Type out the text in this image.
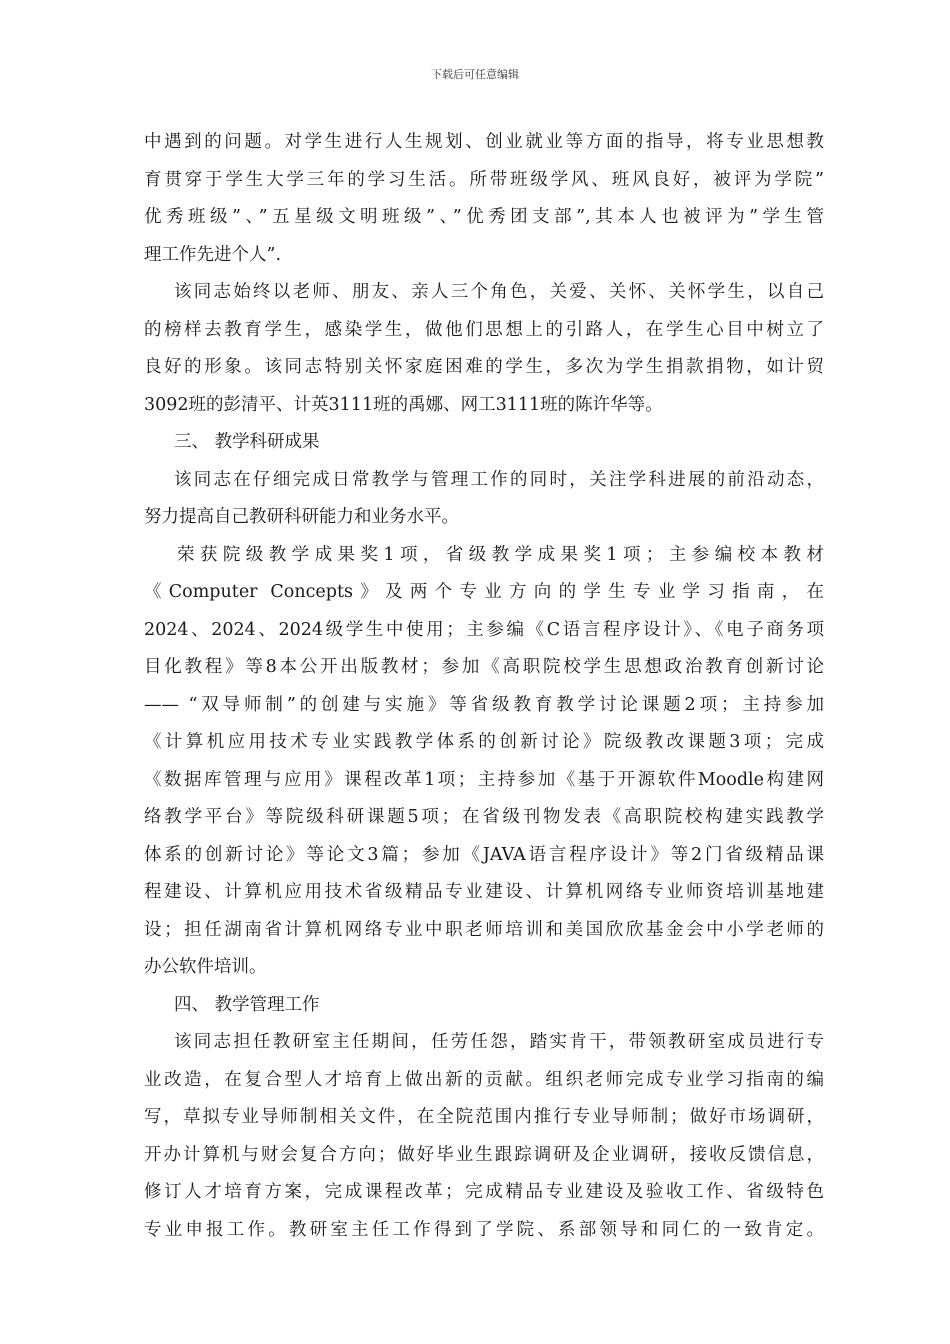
下载后可任意编辑
中遇到的问题。对学生进行人生规划、创业就业等方面的指导，将专业思想教
育贯穿于学生大学三年的学习生活。所带班级学风、班风良好，被评为学院”
优秀班级”、”五星级文明班级”、”优秀团支部”,其本人也被评为”学生管
理工作先进个人”.
该同志始终以老师、朋友、亲人三个角色，关爱、关怀、关怀学生，以自己
的榜样去教育学生，感染学生，做他们思想上的引路人，在学生心目中树立了
良好的形象。该同志特别关怀家庭困难的学生，多次为学生捐款捐物，如计贸
3092班的彭清平、计英3111班的禹娜、网工3111班的陈许华等。
三、 教学科研成果
该同志在仔细完成日常教学与管理工作的同时，关注学科进展的前沿动态，
努力提高自己教研科研能力和业务水平。
荣获院级教学成果奖1项，省级教学成果奖1项；主参编校本教材
《Computer Concepts》及两个专业方向的学生专业学习指南，在
2024、2024、2024级学生中使用；主参编《C语言程序设计》、《电子商务项
目化教程》等8本公开出版教材；参加《高职院校学生思想政治教育创新讨论
—— “双导师制”的创建与实施》等省级教育教学讨论课题2项；主持参加
《计算机应用技术专业实践教学体系的创新讨论》院级教改课题3项；完成
《数据库管理与应用》课程改革1项；主持参加《基于开源软件Moodle构建网
络教学平台》等院级科研课题5项；在省级刊物发表《高职院校构建实践教学
体系的创新讨论》等论文3篇；参加《JAVA语言程序设计》等2门省级精品课
程建设、计算机应用技术省级精品专业建设、计算机网络专业师资培训基地建
设；担任湖南省计算机网络专业中职老师培训和美国欣欣基金会中小学老师的
办公软件培训。
四、 教学管理工作
该同志担任教研室主任期间，任劳任怨，踏实肯干，带领教研室成员进行专
业改造，在复合型人才培育上做出新的贡献。组织老师完成专业学习指南的编
写，草拟专业导师制相关文件，在全院范围内推行专业导师制；做好市场调研，
开办计算机与财会复合方向；做好毕业生跟踪调研及企业调研，接收反馈信息，
修订人才培育方案，完成课程改革；完成精品专业建设及验收工作、省级特色
专业申报工作。教研室主任工作得到了学院、系部领导和同仁的一致肯定。
